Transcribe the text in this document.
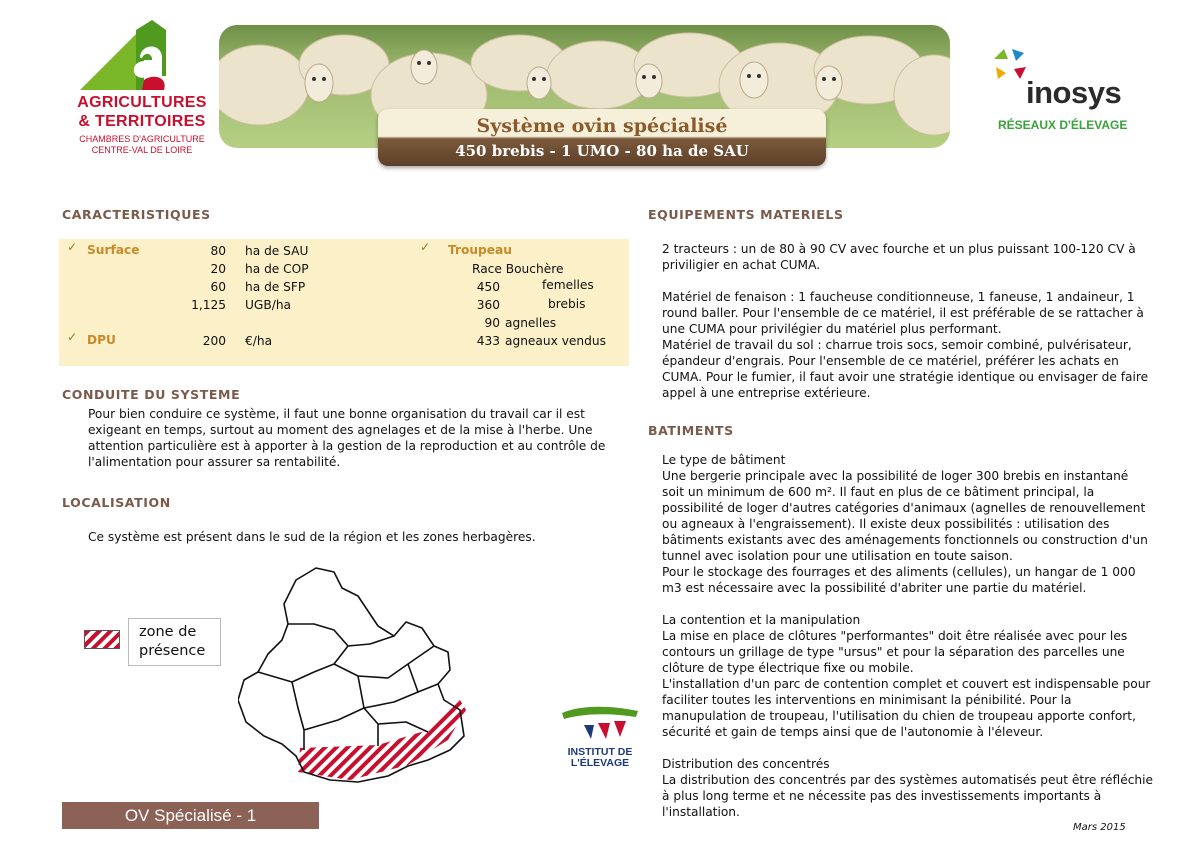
AGRICULTURES
& TERRITOIRES
CHAMBRES D'AGRICULTURE
CENTRE-VAL DE LOIRE
Système ovin spécialisé
450 brebis - 1 UMO - 80 ha de SAU
inosys
RÉSEAUX D'ÉLEVAGE
CARACTERISTIQUES
✓ Surface	80 ha de SAU
20 ha de COP
60 ha de SFP
1,125 UGB/ha
✓ DPU	200 €/ha
✓ Troupeau
Race Bouchère
450	femelles
360	brebis
90 agnelles
433 agneaux vendus
CONDUITE DU SYSTEME
Pour bien conduire ce système, il faut une bonne organisation du travail car il est
exigeant en temps, surtout au moment des agnelages et de la mise à l'herbe. Une
attention particulière est à apporter à la gestion de la reproduction et au contrôle de
l'alimentation pour assurer sa rentabilité.
LOCALISATION
Ce système est présent dans le sud de la région et les zones herbagères.
zone de
présence
INSTITUT DE
L'ÉLEVAGE
OV Spécialisé - 1
EQUIPEMENTS MATERIELS
2 tracteurs : un de 80 à 90 CV avec fourche et un plus puissant 100-120 CV à
priviligier en achat CUMA.
Matériel de fenaison : 1 faucheuse conditionneuse, 1 faneuse, 1 andaineur, 1
round baller. Pour l'ensemble de ce matériel, il est préférable de se rattacher à
une CUMA pour privilégier du matériel plus performant.
Matériel de travail du sol : charrue trois socs, semoir combiné, pulvérisateur,
épandeur d'engrais. Pour l'ensemble de ce matériel, préférer les achats en
CUMA. Pour le fumier, il faut avoir une stratégie identique ou envisager de faire
appel à une entreprise extérieure.
BATIMENTS
Le type de bâtiment
Une bergerie principale avec la possibilité de loger 300 brebis en instantané
soit un minimum de 600 m². Il faut en plus de ce bâtiment principal, la
possibilité de loger d'autres catégories d'animaux (agnelles de renouvellement
ou agneaux à l'engraissement). Il existe deux possibilités : utilisation des
bâtiments existants avec des aménagements fonctionnels ou construction d'un
tunnel avec isolation pour une utilisation en toute saison.
Pour le stockage des fourrages et des aliments (cellules), un hangar de 1 000
m3 est nécessaire avec la possibilité d'abriter une partie du matériel.
La contention et la manipulation
La mise en place de clôtures "performantes" doit être réalisée avec pour les
contours un grillage de type "ursus" et pour la séparation des parcelles une
clôture de type électrique fixe ou mobile.
L'installation d'un parc de contention complet et couvert est indispensable pour
faciliter toutes les interventions en minimisant la pénibilité. Pour la
manupulation de troupeau, l'utilisation du chien de troupeau apporte confort,
sécurité et gain de temps ainsi que de l'autonomie à l'éleveur.
Distribution des concentrés
La distribution des concentrés par des systèmes automatisés peut être réfléchie
à plus long terme et ne nécessite pas des investissements importants à
l'installation.
Mars 2015
